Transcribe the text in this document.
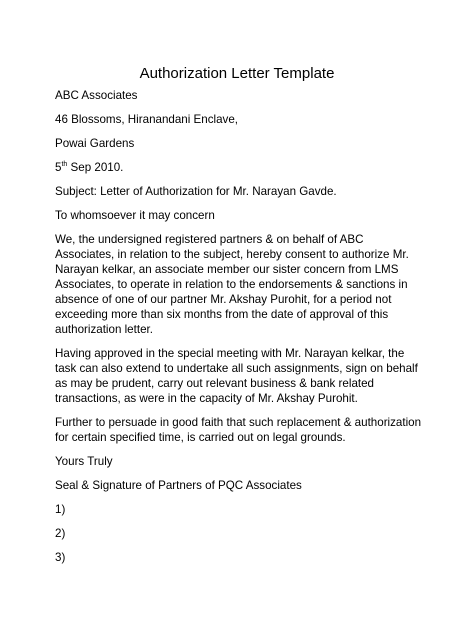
Authorization Letter Template

ABC Associates

46 Blossoms, Hiranandani Enclave,

Powai Gardens

5th Sep 2010.

Subject: Letter of Authorization for Mr. Narayan Gavde.

To whomsoever it may concern

We, the undersigned registered partners & on behalf of ABC Associates, in relation to the subject, hereby consent to authorize Mr. Narayan kelkar, an associate member our sister concern from LMS Associates, to operate in relation to the endorsements & sanctions in absence of one of our partner Mr. Akshay Purohit, for a period not exceeding more than six months from the date of approval of this authorization letter.

Having approved in the special meeting with Mr. Narayan kelkar, the task can also extend to undertake all such assignments, sign on behalf as may be prudent, carry out relevant business & bank related transactions, as were in the capacity of Mr. Akshay Purohit.

Further to persuade in good faith that such replacement & authorization for certain specified time, is carried out on legal grounds.

Yours Truly

Seal & Signature of Partners of PQC Associates

1)

2)

3)
